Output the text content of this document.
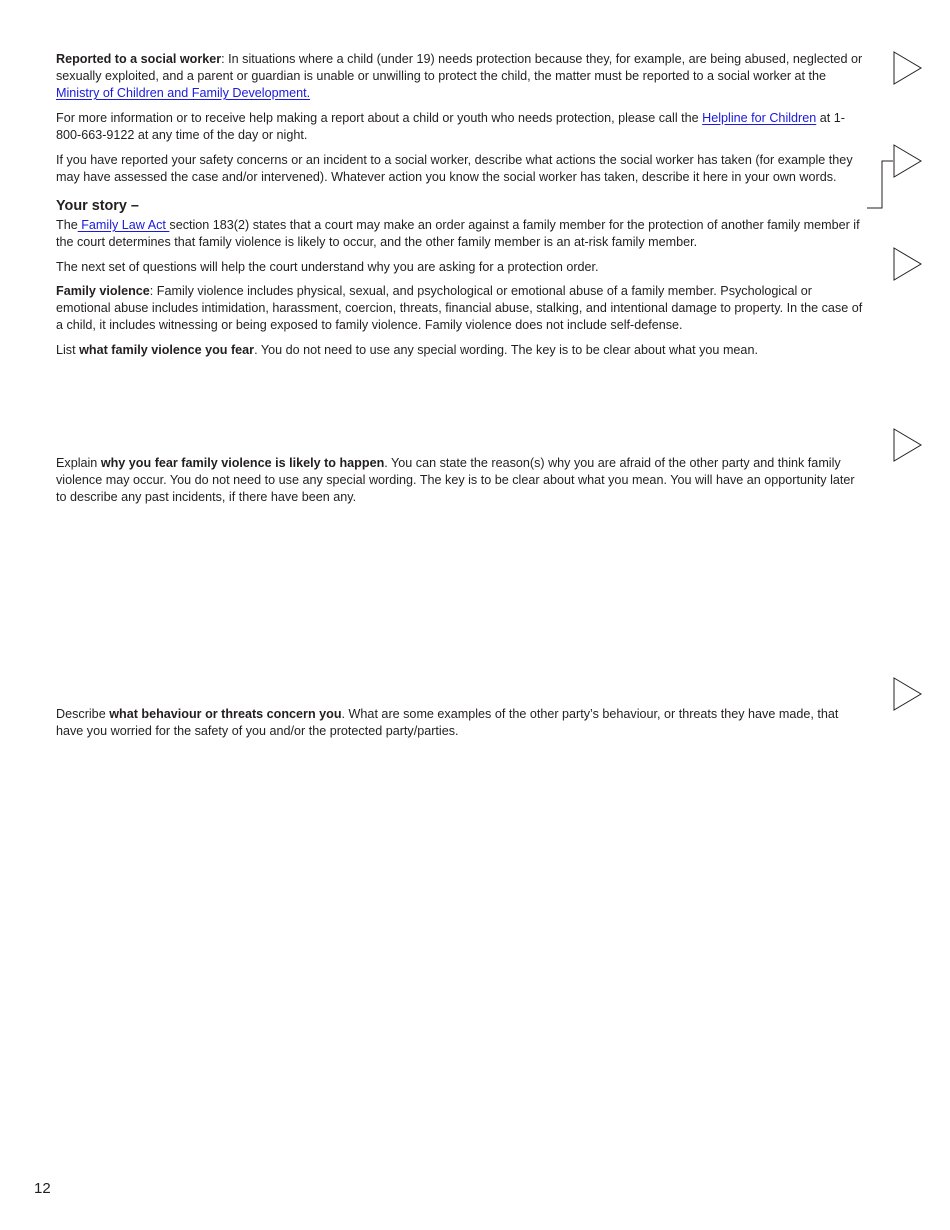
Reported to a social worker: In situations where a child (under 19) needs protection because they, for example, are being abused, neglected or sexually exploited, and a parent or guardian is unable or unwilling to protect the child, the matter must be reported to a social worker at the Ministry of Children and Family Development.

For more information or to receive help making a report about a child or youth who needs protection, please call the Helpline for Children at 1-800-663-9122 at any time of the day or night.

If you have reported your safety concerns or an incident to a social worker, describe what actions the social worker has taken (for example they may have assessed the case and/or intervened). Whatever action you know the social worker has taken, describe it here in your own words.

Your story –

The Family Law Act section 183(2) states that a court may make an order against a family member for the protection of another family member if the court determines that family violence is likely to occur, and the other family member is an at-risk family member.

The next set of questions will help the court understand why you are asking for a protection order.

Family violence: Family violence includes physical, sexual, and psychological or emotional abuse of a family member. Psychological or emotional abuse includes intimidation, harassment, coercion, threats, financial abuse, stalking, and intentional damage to property. In the case of a child, it includes witnessing or being exposed to family violence. Family violence does not include self-defense.

List what family violence you fear. You do not need to use any special wording. The key is to be clear about what you mean.

Explain why you fear family violence is likely to happen. You can state the reason(s) why you are afraid of the other party and think family violence may occur. You do not need to use any special wording. The key is to be clear about what you mean. You will have an opportunity later to describe any past incidents, if there have been any.

Describe what behaviour or threats concern you. What are some examples of the other party’s behaviour, or threats they have made, that have you worried for the safety of you and/or the protected party/parties.

12
